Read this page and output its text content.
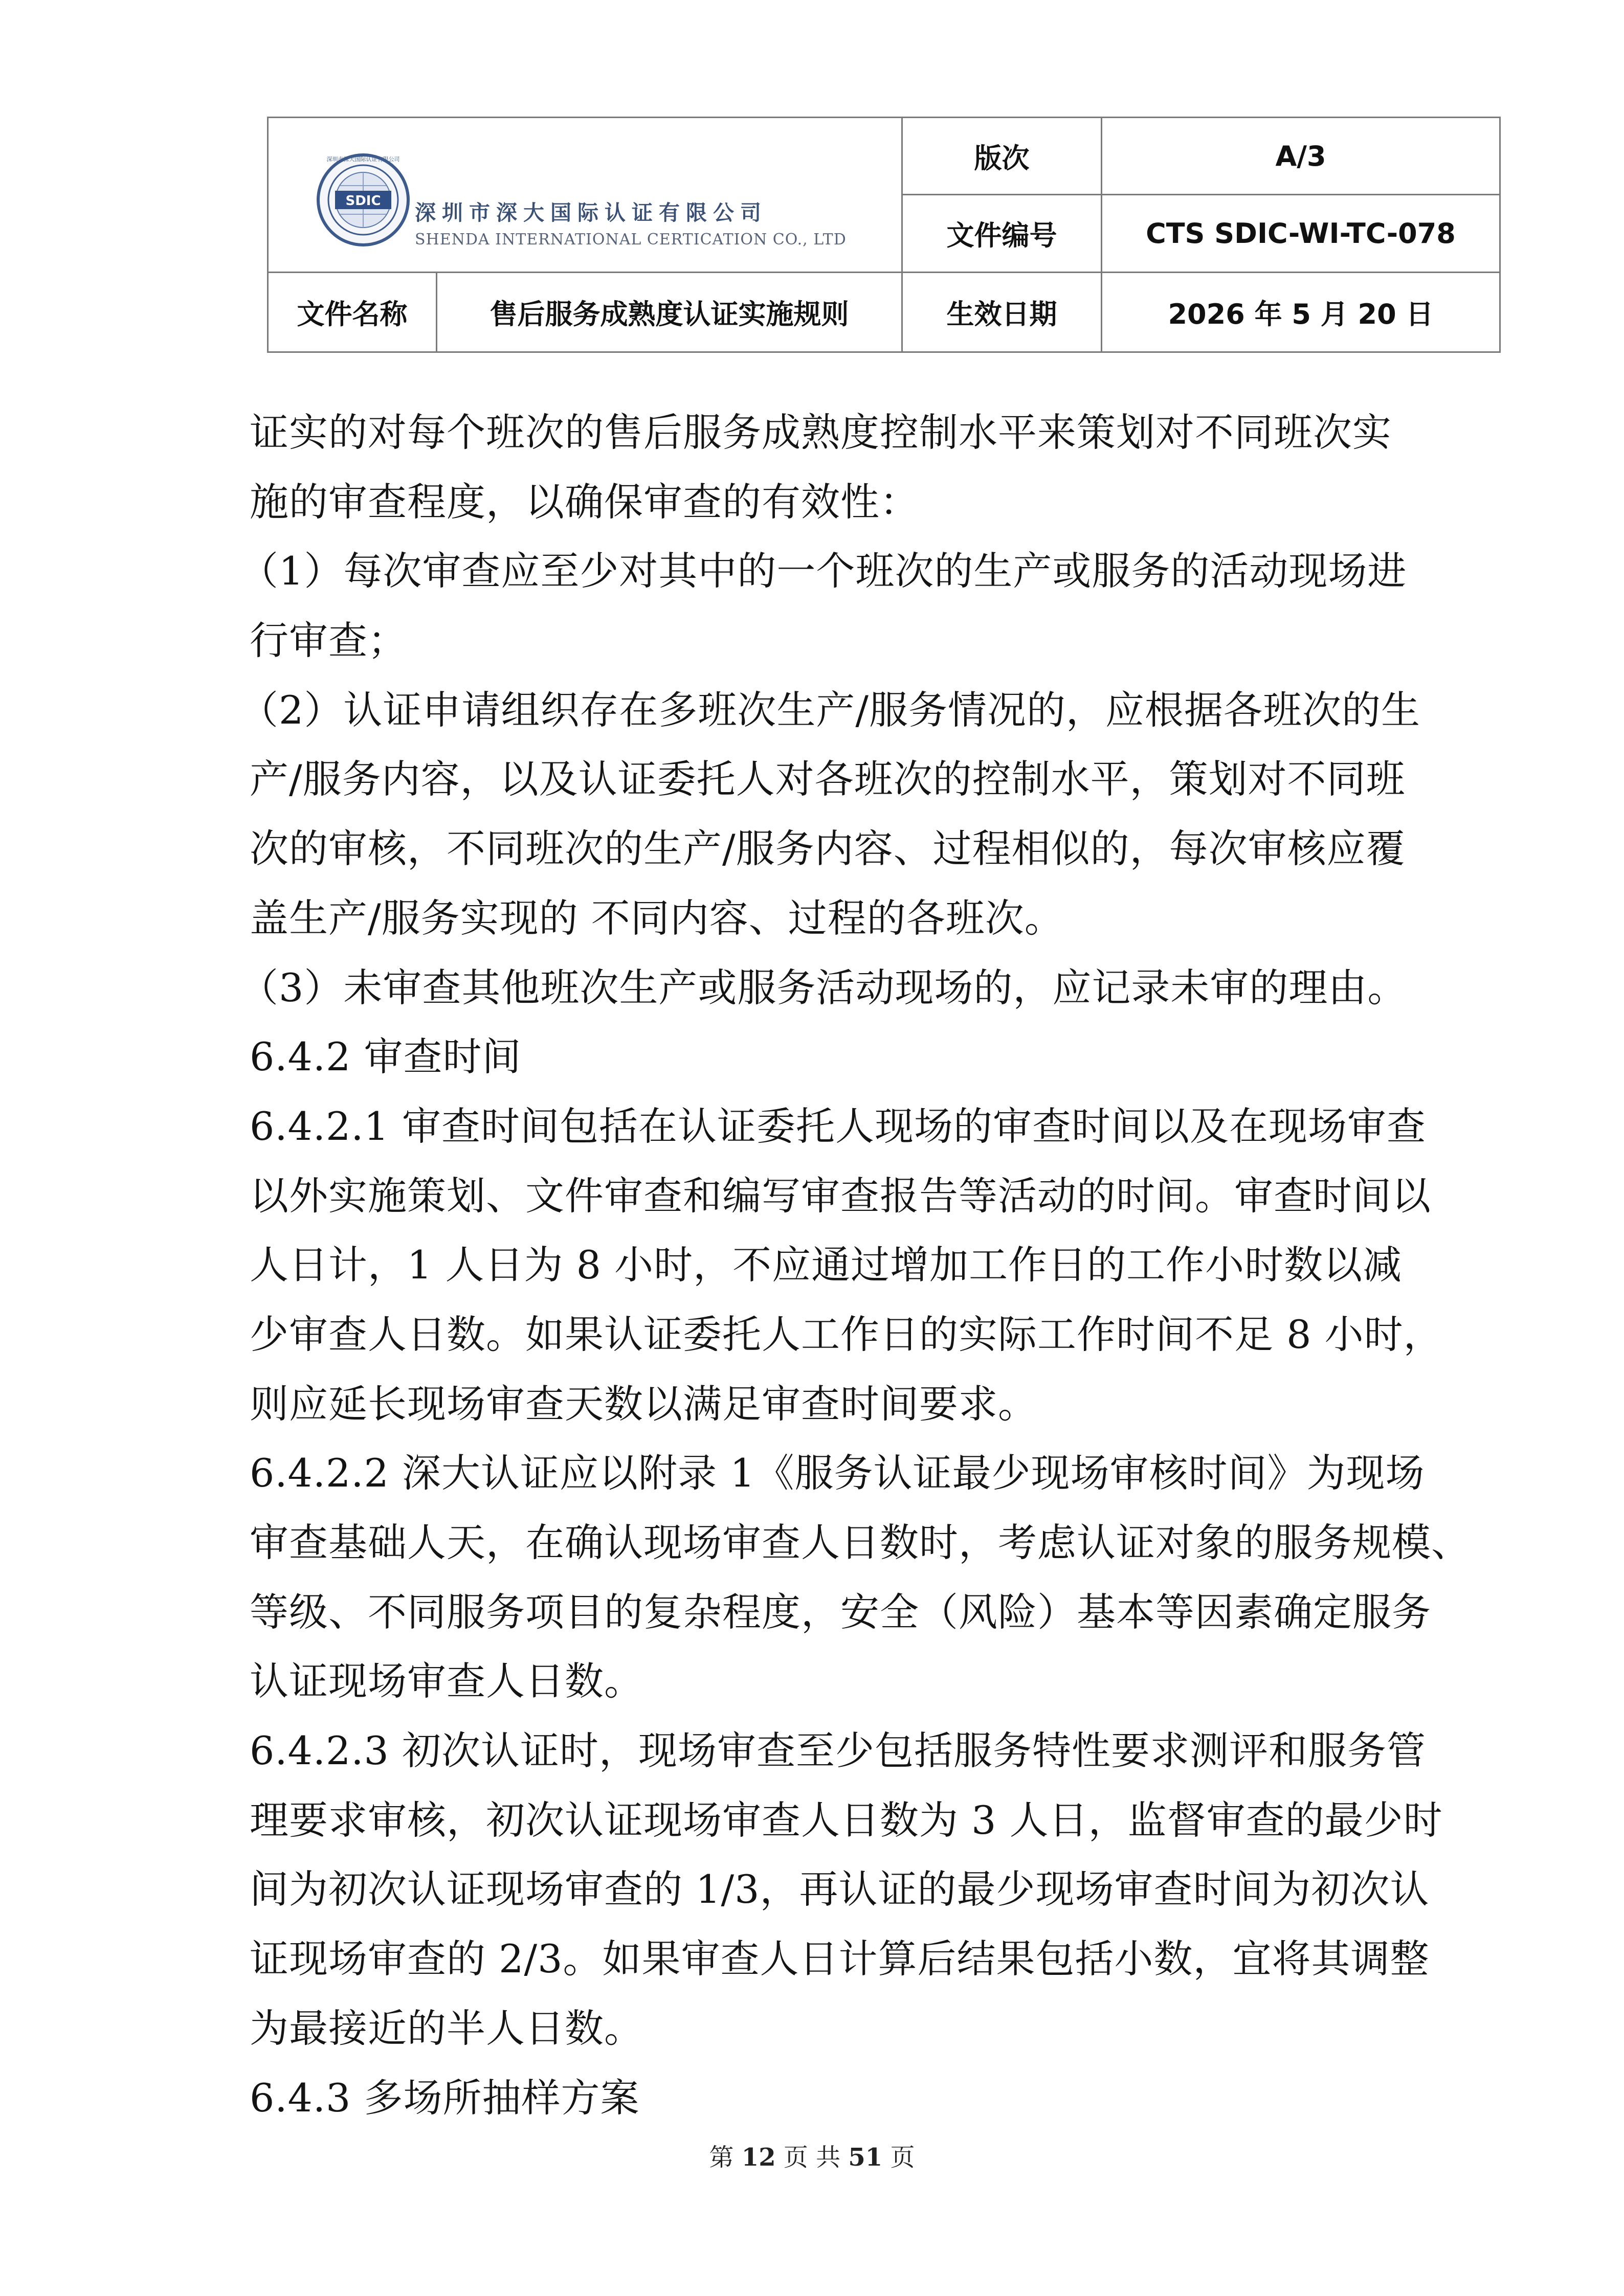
SDIC
深圳市深大国际认证有限公司
深圳市深大国际认证有限公司
SHENDA INTERNATIONAL CERTICATION CO., LTD
版次	A/3
文件编号	CTS SDIC-WI-TC-078
文件名称	售后服务成熟度认证实施规则	生效日期	2026 年 5 月 20 日
证实的对每个班次的售后服务成熟度控制水平来策划对不同班次实
施的审查程度，以确保审查的有效性：
（1）每次审查应至少对其中的一个班次的生产或服务的活动现场进
行审查；
（2）认证申请组织存在多班次生产/服务情况的，应根据各班次的生
产/服务内容，以及认证委托人对各班次的控制水平，策划对不同班
次的审核，不同班次的生产/服务内容、过程相似的，每次审核应覆
盖生产/服务实现的 不同内容、过程的各班次。
（3）未审查其他班次生产或服务活动现场的，应记录未审的理由。
6.4.2 审查时间
6.4.2.1 审查时间包括在认证委托人现场的审查时间以及在现场审查
以外实施策划、文件审查和编写审查报告等活动的时间。审查时间以
人日计，1 人日为 8 小时，不应通过增加工作日的工作小时数以减
少审查人日数。如果认证委托人工作日的实际工作时间不足 8 小时，
则应延长现场审查天数以满足审查时间要求。
6.4.2.2 深大认证应以附录 1《服务认证最少现场审核时间》为现场
审查基础人天，在确认现场审查人日数时，考虑认证对象的服务规模、
等级、不同服务项目的复杂程度，安全（风险）基本等因素确定服务
认证现场审查人日数。
6.4.2.3 初次认证时，现场审查至少包括服务特性要求测评和服务管
理要求审核，初次认证现场审查人日数为 3 人日，监督审查的最少时
间为初次认证现场审查的 1/3，再认证的最少现场审查时间为初次认
证现场审查的 2/3。如果审查人日计算后结果包括小数，宜将其调整
为最接近的半人日数。
6.4.3 多场所抽样方案
第 12 页 共 51 页
